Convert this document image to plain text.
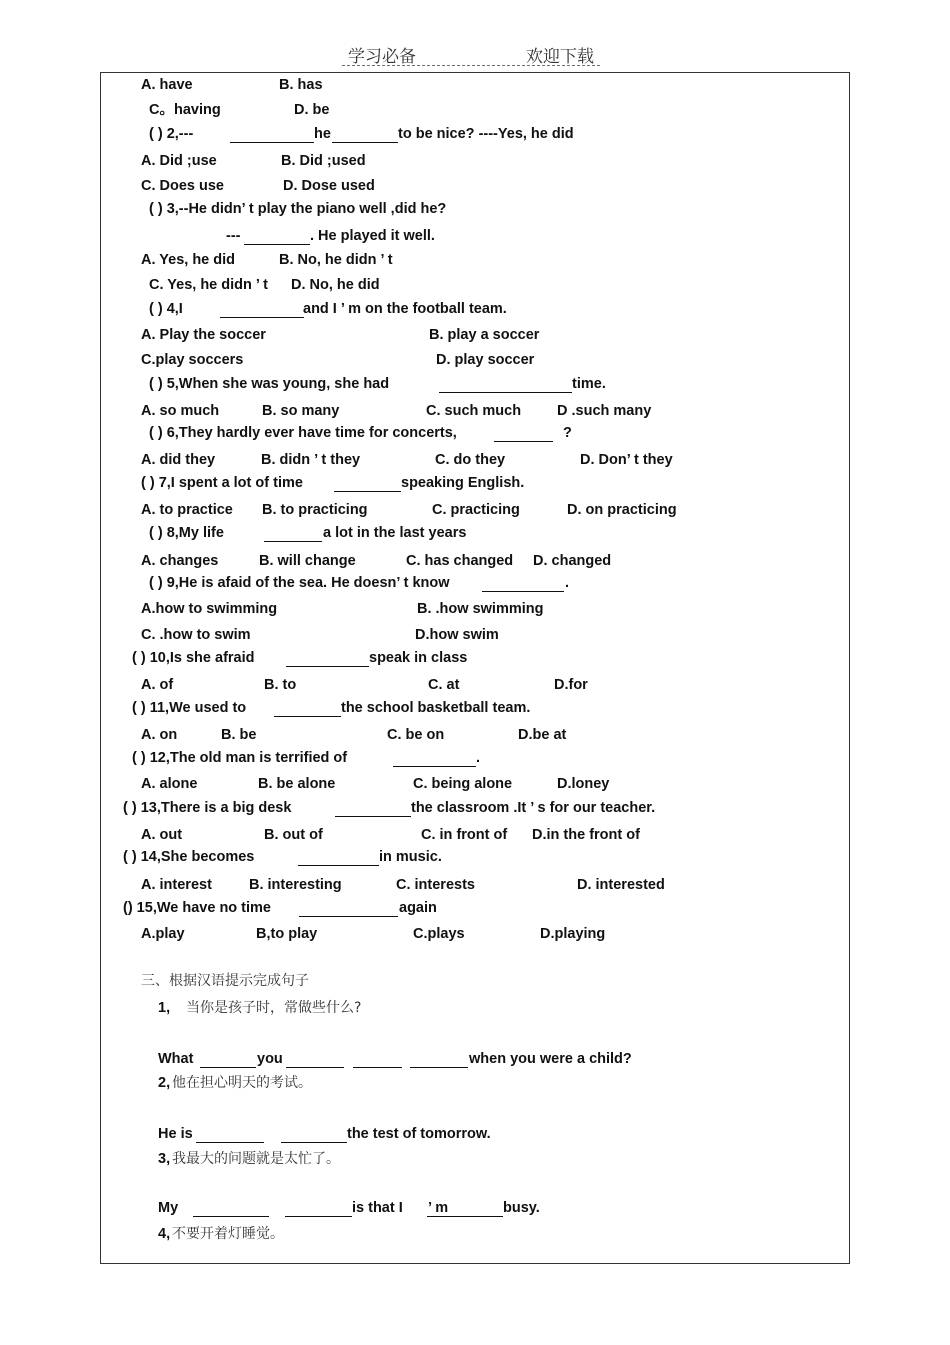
学习必备	欢迎下载
A. have	B. has
C。having	D. be
( ) 2,---	he	to be nice? ----Yes, he did
A. Did ;use	B. Did ;used
C. Does use	D. Dose used
( ) 3,--He didn’ t play the piano well ,did he?
---	. He played it well.
A. Yes, he did	B. No, he didn ’ t
C. Yes, he didn ’ t D. No, he did
( ) 4,I	and I ’ m on the football team.
A. Play the soccer	B. play a soccer
C.play soccers	D. play soccer
( ) 5,When she was young, she had	time.
A. so much	B. so many	C. such much D .such many
( ) 6,They hardly ever have time for concerts,	?
A. did they	B. didn ’ t they	C. do they	D. Don’ t they
( ) 7,I spent a lot of time	speaking English.
A. to practice B. to practicing	C. practicing	D. on practicing
( ) 8,My life	a lot in the last years
A. changes	B. will change	C. has changed D. changed
( ) 9,He is afaid of the sea. He doesn’ t know	.
A.how to swimming	B. .how swimming
C. .how to swim	D.how swim
( ) 10,Is she afraid	speak in class
A. of	B. to	C. at	D.for
( ) 11,We used to	the school basketball team.
A. on	B. be	C. be on	D.be at
( ) 12,The old man is terrified of	.
A. alone	B. be alone	C. being alone	D.loney
( ) 13,There is a big desk	the classroom .It ’ s for our teacher.
A. out	B. out of	C. in front of D.in the front of
( ) 14,She becomes	in music.
A. interest	B. interesting	C. interests	D. interested
() 15,We have no time	again
A.play	B,to play	C.plays	D.playing
三、根据汉语提示完成句子
1, 当你是孩子时，常做些什么?
What	you	when you were a child?
2, 他在担心明天的考试。
He is	the test of tomorrow.
3, 我最大的问题就是太忙了。
My	is that I ’ m	busy.
4, 不要开着灯睡觉。
